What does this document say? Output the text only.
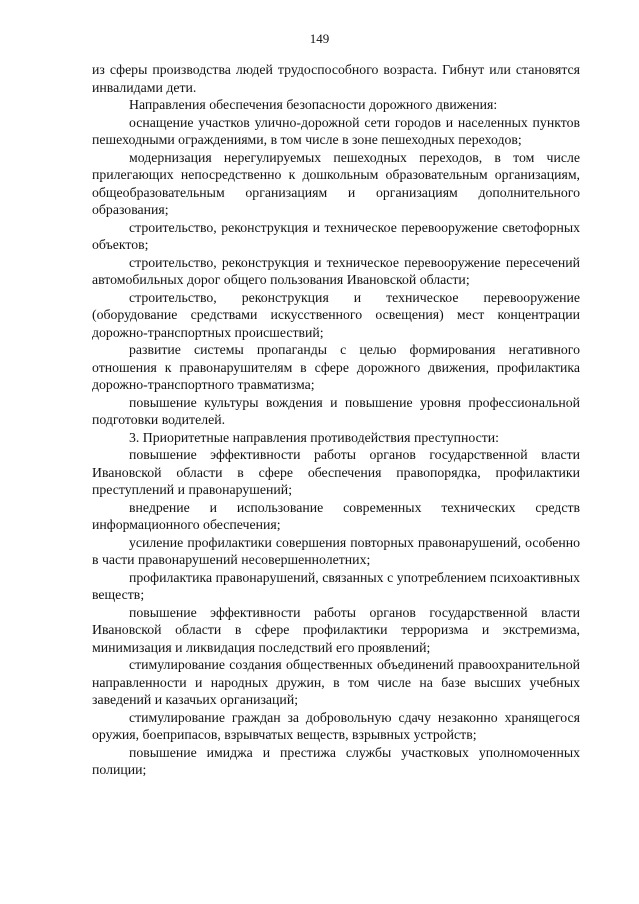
149

из сферы производства людей трудоспособного возраста. Гибнут или становятся инвалидами дети.

Направления обеспечения безопасности дорожного движения:

оснащение участков улично-дорожной сети городов и населенных пунктов пешеходными ограждениями, в том числе в зоне пешеходных переходов;

модернизация нерегулируемых пешеходных переходов, в том числе прилегающих непосредственно к дошкольным образовательным организациям, общеобразовательным организациям и организациям дополнительного образования;

строительство, реконструкция и техническое перевооружение светофорных объектов;

строительство, реконструкция и техническое перевооружение пересечений автомобильных дорог общего пользования Ивановской области;

строительство, реконструкция и техническое перевооружение (оборудование средствами искусственного освещения) мест концентрации дорожно-транспортных происшествий;

развитие системы пропаганды с целью формирования негативного отношения к правонарушителям в сфере дорожного движения, профилактика дорожно-транспортного травматизма;

повышение культуры вождения и повышение уровня профессиональной подготовки водителей.

3. Приоритетные направления противодействия преступности:

повышение эффективности работы органов государственной власти Ивановской области в сфере обеспечения правопорядка, профилактики преступлений и правонарушений;

внедрение и использование современных технических средств информационного обеспечения;

усиление профилактики совершения повторных правонарушений, особенно в части правонарушений несовершеннолетних;

профилактика правонарушений, связанных с употреблением психоактивных веществ;

повышение эффективности работы органов государственной власти Ивановской области в сфере профилактики терроризма и экстремизма, минимизация и ликвидация последствий его проявлений;

стимулирование создания общественных объединений правоохранительной направленности и народных дружин, в том числе на базе высших учебных заведений и казачьих организаций;

стимулирование граждан за добровольную сдачу незаконно хранящегося оружия, боеприпасов, взрывчатых веществ, взрывных устройств;

повышение имиджа и престижа службы участковых уполномоченных полиции;
